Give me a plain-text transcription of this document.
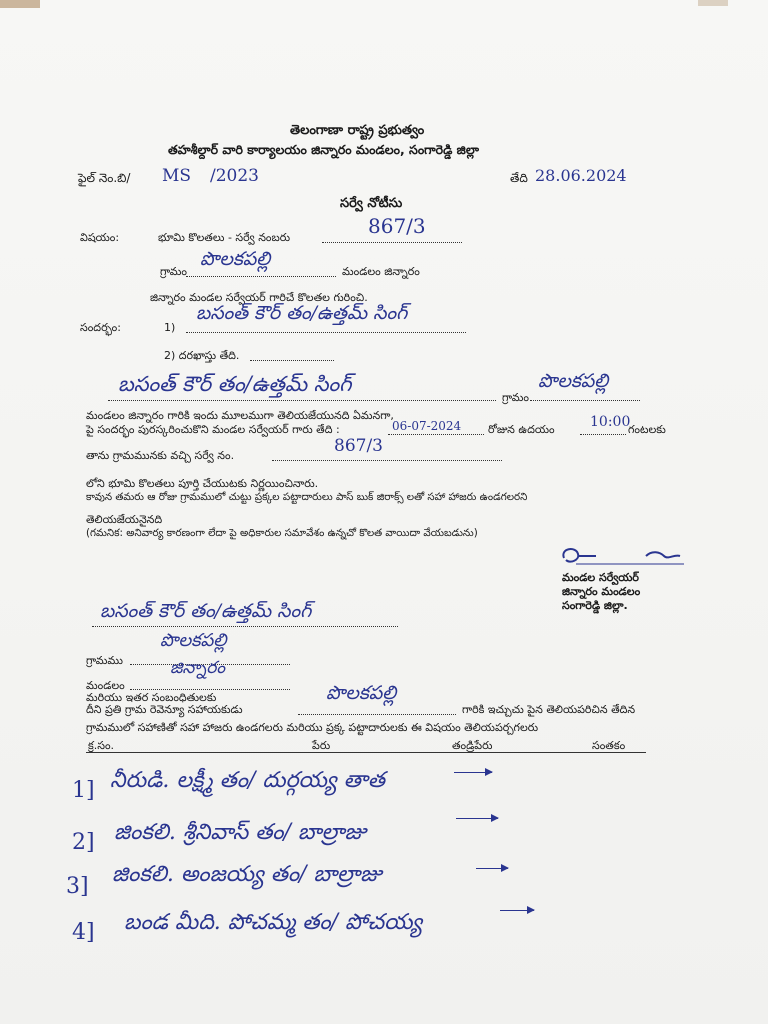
తెలంగాణా రాష్ట్ర ప్రభుత్వం
తహశీల్దార్ వారి కార్యాలయం జిన్నారం మండలం, సంగారెడ్డి జిల్లా
ఫైల్ నెం.బి/ MS /2023	తేది 28.06.2024
సర్వే నోటీసు
విషయం:	భూమి కొలతలు - సర్వే నంబరు	867/3
గ్రామం
పొలకపల్లి
మండలం జిన్నారం
జిన్నారం మండల సర్వేయర్ గారిచే కొలతల గురించి.
సందర్భం:	1)
బసంత్ కౌర్ తం/ఉత్తమ్ సింగ్
2) దరఖాస్తు తేది.
బసంత్ కౌర్ తం/ఉత్తమ్ సింగ్
గ్రామం
పొలకపల్లి
మండలం జిన్నారం గారికి ఇందు మూలముగా తెలియజేయునది ఏమనగా,
పై సందర్భం పురస్కరించుకొని మండల సర్వేయర్ గారు తేది :	06-07-2024 రోజున ఉదయం	10:00
గంటలకు
తాను గ్రామమునకు వచ్చి సర్వే నం.	867/3
లోని భూమి కొలతలు పూర్తి చేయుటకు నిర్ణయించినారు.
కావున తమరు ఆ రోజు గ్రామములో చుట్టు ప్రక్కల పట్టాదారులు పాస్ బుక్ జిరాక్స్ లతో సహా హాజరు ఉండగలరని
తెలియజేయనైనది
(గమనిక: అనివార్య కారణంగా లేదా పై అధికారుల సమావేశం ఉన్నచో కొలత వాయిదా వేయబడును)
మండల సర్వేయర్
జిన్నారం మండలం
సంగారెడ్డి జిల్లా.
బసంత్ కౌర్ తం/ఉత్తమ్ సింగ్
పొలకపల్లి
గ్రామము	జిన్నారం
మండలం
మరియు ఇతర సంబంధితులకు
దీని ప్రతి గ్రామ రెవెన్యూ సహాయకుడు
పొలకపల్లి
గారికి ఇచ్చుచు పైన తెలియపరిచిన తేదిన
గ్రామములో సహాణితో సహా హాజరు ఉండగలరు మరియు ప్రక్క పట్టాదారులకు ఈ విషయం తెలియపర్చగలరు
క్ర.సం.	పేరు	తండ్రిపేరు	సంతకం
1] నీరుడి. లక్ష్మీ తం/ దుర్గయ్య తాత
2] జింకలి. శ్రీనివాస్ తం/ బాల్రాజు
3] జింకలి. అంజయ్య తం/ బాల్రాజు
4] బండ మీది. పోచమ్మ తం/ పోచయ్య
